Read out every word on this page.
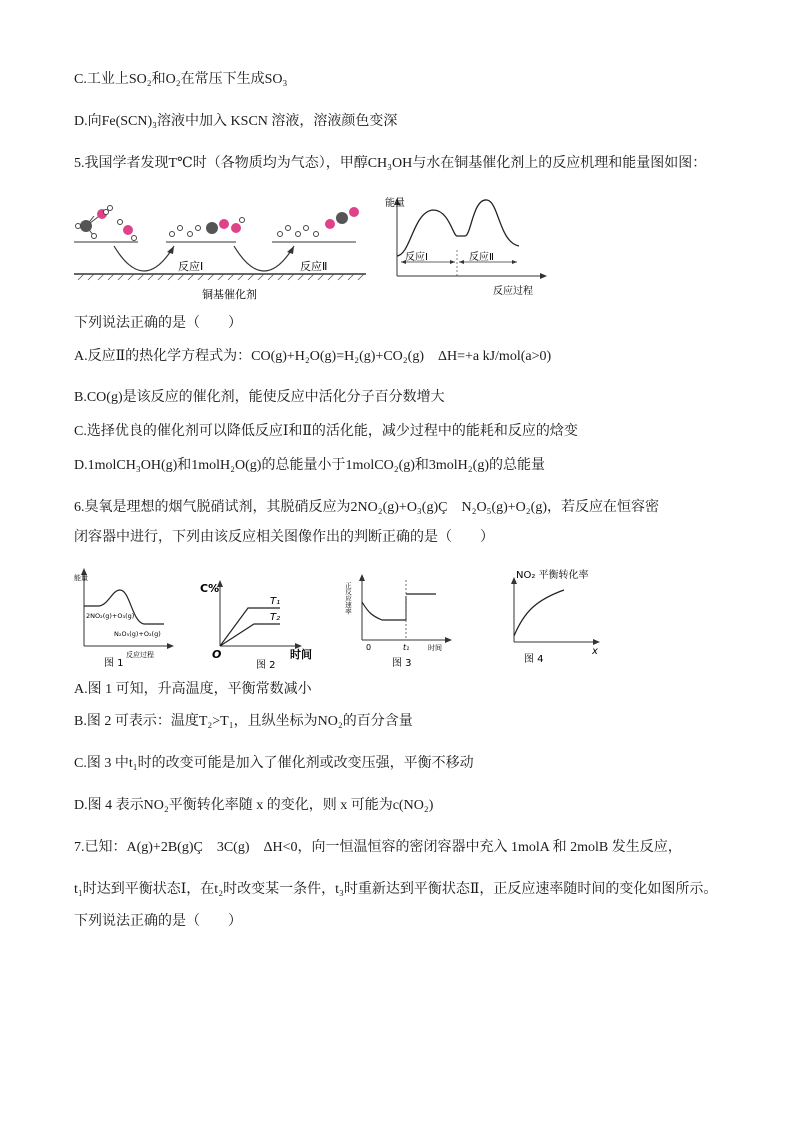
C.工业上SO₂和O₂在常压下生成SO₃
D.向Fe(SCN)₃溶液中加入 KSCN 溶液，溶液颜色变深
5.我国学者发现T℃时（各物质均为气态），甲醇CH₃OH与水在铜基催化剂上的反应机理和能量图如图：
反应Ⅰ	反应Ⅱ
铜基催化剂
能量
反应Ⅰ	反应Ⅱ
反应过程
下列说法正确的是（　　）
A.反应Ⅱ的热化学方程式为：CO(g)+H₂O(g)=H₂(g)+CO₂(g)　ΔH=+a kJ/mol(a>0)
B.CO(g)是该反应的催化剂，能使反应中活化分子百分数增大
C.选择优良的催化剂可以降低反应Ⅰ和Ⅱ的活化能，减少过程中的能耗和反应的焓变
D.1molCH₃OH(g)和1molH₂O(g)的总能量小于1molCO₂(g)和3molH₂(g)的总能量
6.臭氧是理想的烟气脱硝试剂，其脱硝反应为2NO₂(g)+O₃(g)Ç　N₂O₅(g)+O₂(g)，若反应在恒容密
闭容器中进行，下列由该反应相关图像作出的判断正确的是（　　）
能量
2NO₂(g)+O₃(g)
N₂O₅(g)+O₂(g)
反应过程
图 1
C%
O
T₁
T₂
时间
图 2
正反应速率
0	t₁	时间
图 3
NO₂ 平衡转化率
x
图 4
A.图 1 可知，升高温度，平衡常数减小
B.图 2 可表示：温度T₂>T₁，且纵坐标为NO₂的百分含量
C.图 3 中t₁时的改变可能是加入了催化剂或改变压强，平衡不移动
D.图 4 表示NO₂平衡转化率随 x 的变化，则 x 可能为c(NO₂)
7.已知：A(g)+2B(g)Ç　3C(g)　ΔH<0，向一恒温恒容的密闭容器中充入 1molA 和 2molB 发生反应，
t₁时达到平衡状态Ⅰ，在t₂时改变某一条件，t₃时重新达到平衡状态Ⅱ，正反应速率随时间的变化如图所示。
下列说法正确的是（　　）
